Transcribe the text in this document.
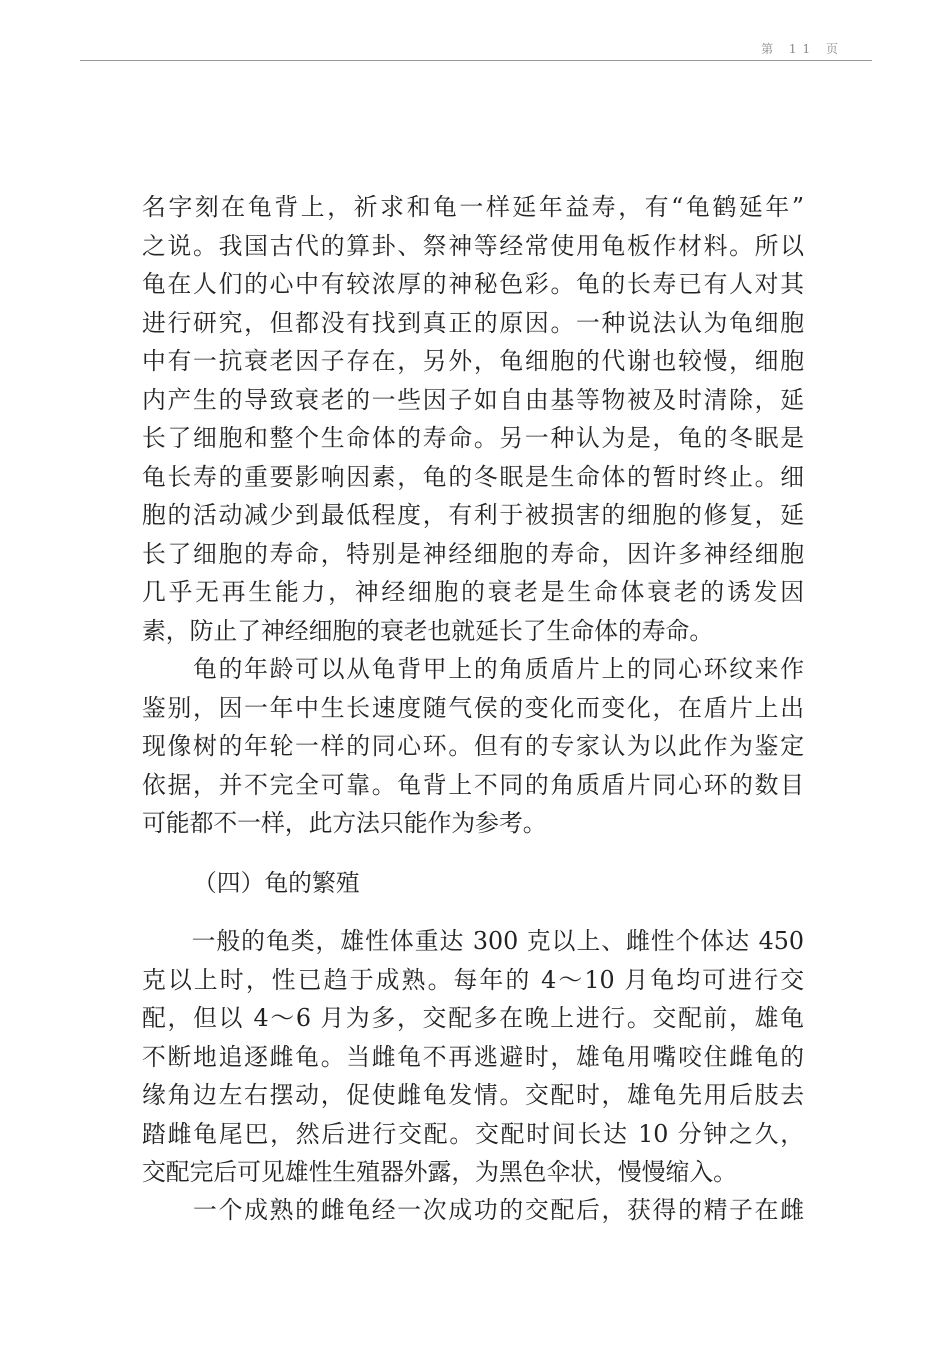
第 11 页
名字刻在龟背上，祈求和龟一样延年益寿，有“龟鹤延年”
之说。我国古代的算卦、祭神等经常使用龟板作材料。所以
龟在人们的心中有较浓厚的神秘色彩。龟的长寿已有人对其
进行研究，但都没有找到真正的原因。一种说法认为龟细胞
中有一抗衰老因子存在，另外，龟细胞的代谢也较慢，细胞
内产生的导致衰老的一些因子如自由基等物被及时清除，延
长了细胞和整个生命体的寿命。另一种认为是，龟的冬眠是
龟长寿的重要影响因素，龟的冬眠是生命体的暂时终止。细
胞的活动减少到最低程度，有利于被损害的细胞的修复，延
长了细胞的寿命，特别是神经细胞的寿命，因许多神经细胞
几乎无再生能力，神经细胞的衰老是生命体衰老的诱发因
素，防止了神经细胞的衰老也就延长了生命体的寿命。
　　龟的年龄可以从龟背甲上的角质盾片上的同心环纹来作
鉴别，因一年中生长速度随气侯的变化而变化，在盾片上出
现像树的年轮一样的同心环。但有的专家认为以此作为鉴定
依据，并不完全可靠。龟背上不同的角质盾片同心环的数目
可能都不一样，此方法只能作为参考。
（四）龟的繁殖
　　一般的龟类，雄性体重达 300 克以上、雌性个体达 450
克以上时，性已趋于成熟。每年的 4～10 月龟均可进行交
配，但以 4～6 月为多，交配多在晚上进行。交配前，雄龟
不断地追逐雌龟。当雌龟不再逃避时，雄龟用嘴咬住雌龟的
缘角边左右摆动，促使雌龟发情。交配时，雄龟先用后肢去
踏雌龟尾巴，然后进行交配。交配时间长达 10 分钟之久，
交配完后可见雄性生殖器外露，为黑色伞状，慢慢缩入。
　　一个成熟的雌龟经一次成功的交配后，获得的精子在雌
